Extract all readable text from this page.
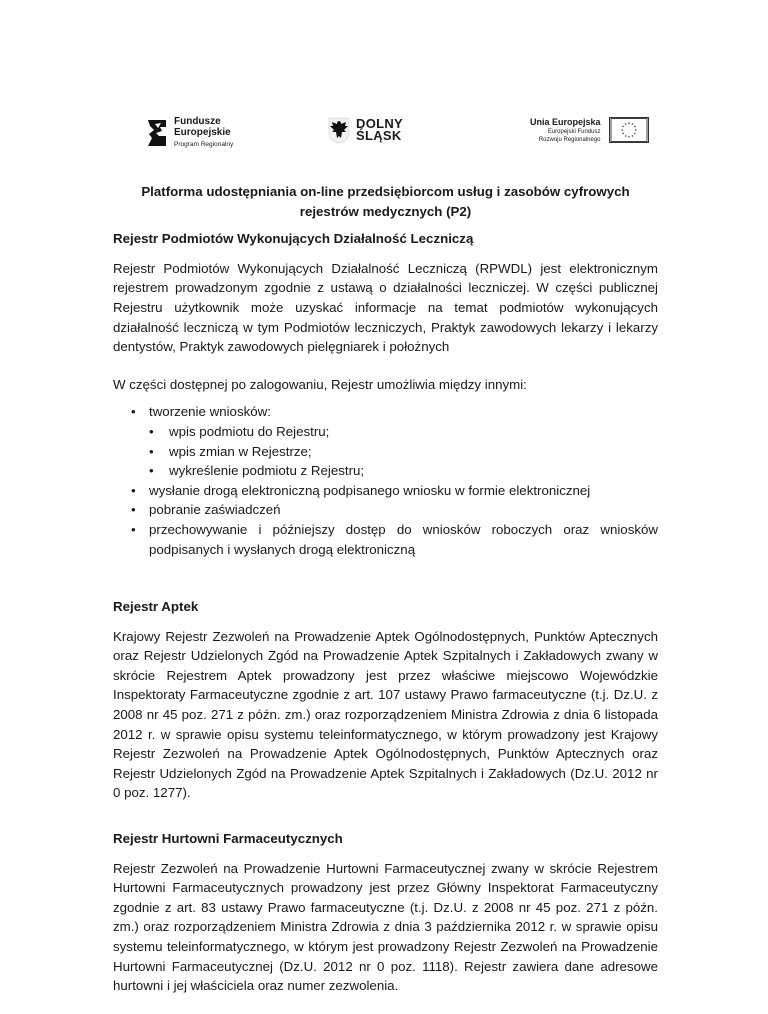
Fundusze
Europejskie
Program Regionalny
DOLNY
ŚLĄSK
Unia Europejska
Europejski Fundusz
Rozwoju Regionalnego
Platforma udostępniania on-line przedsiębiorcom usług i zasobów cyfrowych rejestrów medycznych (P2)
Rejestr Podmiotów Wykonujących Działalność Leczniczą

Rejestr Podmiotów Wykonujących Działalność Leczniczą (RPWDL) jest elektronicznym rejestrem prowadzonym zgodnie z ustawą o działalności leczniczej. W części publicznej Rejestru użytkownik może uzyskać informacje na temat podmiotów wykonujących działalność leczniczą w tym Podmiotów leczniczych, Praktyk zawodowych lekarzy i lekarzy dentystów, Praktyk zawodowych pielęgniarek i położnych

W części dostępnej po zalogowaniu, Rejestr umożliwia między innymi:

• tworzenie wniosków:
• wpis podmiotu do Rejestru;
• wpis zmian w Rejestrze;
• wykreślenie podmiotu z Rejestru;
• wysłanie drogą elektroniczną podpisanego wniosku w formie elektronicznej
• pobranie zaświadczeń
• przechowywanie i późniejszy dostęp do wniosków roboczych oraz wniosków podpisanych i wysłanych drogą elektroniczną
Rejestr Aptek

Krajowy Rejestr Zezwoleń na Prowadzenie Aptek Ogólnodostępnych, Punktów Aptecznych oraz Rejestr Udzielonych Zgód na Prowadzenie Aptek Szpitalnych i Zakładowych zwany w skrócie Rejestrem Aptek prowadzony jest przez właściwe miejscowo Wojewódzkie Inspektoraty Farmaceutyczne zgodnie z art. 107 ustawy Prawo farmaceutyczne (t.j. Dz.U. z 2008 nr 45 poz. 271 z późn. zm.) oraz rozporządzeniem Ministra Zdrowia z dnia 6 listopada 2012 r. w sprawie opisu systemu teleinformatycznego, w którym prowadzony jest Krajowy Rejestr Zezwoleń na Prowadzenie Aptek Ogólnodostępnych, Punktów Aptecznych oraz Rejestr Udzielonych Zgód na Prowadzenie Aptek Szpitalnych i Zakładowych (Dz.U. 2012 nr 0 poz. 1277).

Rejestr Hurtowni Farmaceutycznych

Rejestr Zezwoleń na Prowadzenie Hurtowni Farmaceutycznej zwany w skrócie Rejestrem Hurtowni Farmaceutycznych prowadzony jest przez Główny Inspektorat Farmaceutyczny zgodnie z art. 83 ustawy Prawo farmaceutyczne (t.j. Dz.U. z 2008 nr 45 poz. 271 z późn. zm.) oraz rozporządzeniem Ministra Zdrowia z dnia 3 października 2012 r. w sprawie opisu systemu teleinformatycznego, w którym jest prowadzony Rejestr Zezwoleń na Prowadzenie Hurtowni Farmaceutycznej (Dz.U. 2012 nr 0 poz. 1118). Rejestr zawiera dane adresowe hurtowni i jej właściciela oraz numer zezwolenia.
